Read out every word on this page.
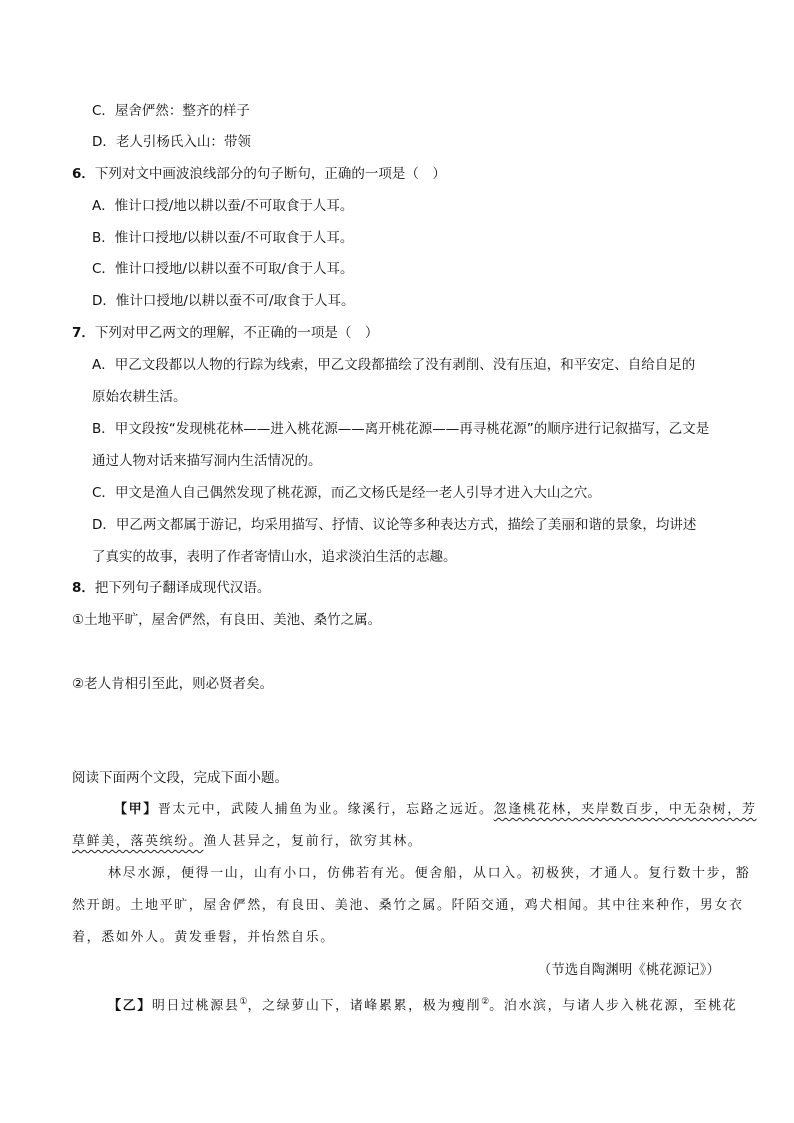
C．屋舍俨然：整齐的样子
D．老人引杨氏入山：带领
6．下列对文中画波浪线部分的句子断句，正确的一项是（　）
A．惟计口授/地以耕以蚕/不可取食于人耳。
B．惟计口授地/以耕以蚕/不可取食于人耳。
C．惟计口授地/以耕以蚕不可取/食于人耳。
D．惟计口授地/以耕以蚕不可/取食于人耳。
7．下列对甲乙两文的理解，不正确的一项是（　）
A．甲乙文段都以人物的行踪为线索，甲乙文段都描绘了没有剥削、没有压迫，和平安定、自给自足的
原始农耕生活。
B．甲文段按“发现桃花林——进入桃花源——离开桃花源——再寻桃花源”的顺序进行记叙描写，乙文是
通过人物对话来描写洞内生活情况的。
C．甲文是渔人自己偶然发现了桃花源，而乙文杨氏是经一老人引导才进入大山之穴。
D．甲乙两文都属于游记，均采用描写、抒情、议论等多种表达方式，描绘了美丽和谐的景象，均讲述
了真实的故事，表明了作者寄情山水，追求淡泊生活的志趣。
8．把下列句子翻译成现代汉语。
①土地平旷，屋舍俨然，有良田、美池、桑竹之属。
②老人肯相引至此，则必贤者矣。
阅读下面两个文段，完成下面小题。
【甲】晋太元中，武陵人捕鱼为业。缘溪行，忘路之远近。忽逢桃花林，夹岸数百步，中无杂树，芳
草鲜美，落英缤纷。渔人甚异之，复前行，欲穷其林。
林尽水源，便得一山，山有小口，仿佛若有光。便舍船，从口入。初极狭，才通人。复行数十步，豁
然开朗。土地平旷，屋舍俨然，有良田、美池、桑竹之属。阡陌交通，鸡犬相闻。其中往来种作，男女衣
着，悉如外人。黄发垂髫，并怡然自乐。
（节选自陶渊明《桃花源记》）
【乙】明日过桃源县①，之绿萝山下，诸峰累累，极为瘦削②。泊水滨，与诸人步入桃花源，至桃花
